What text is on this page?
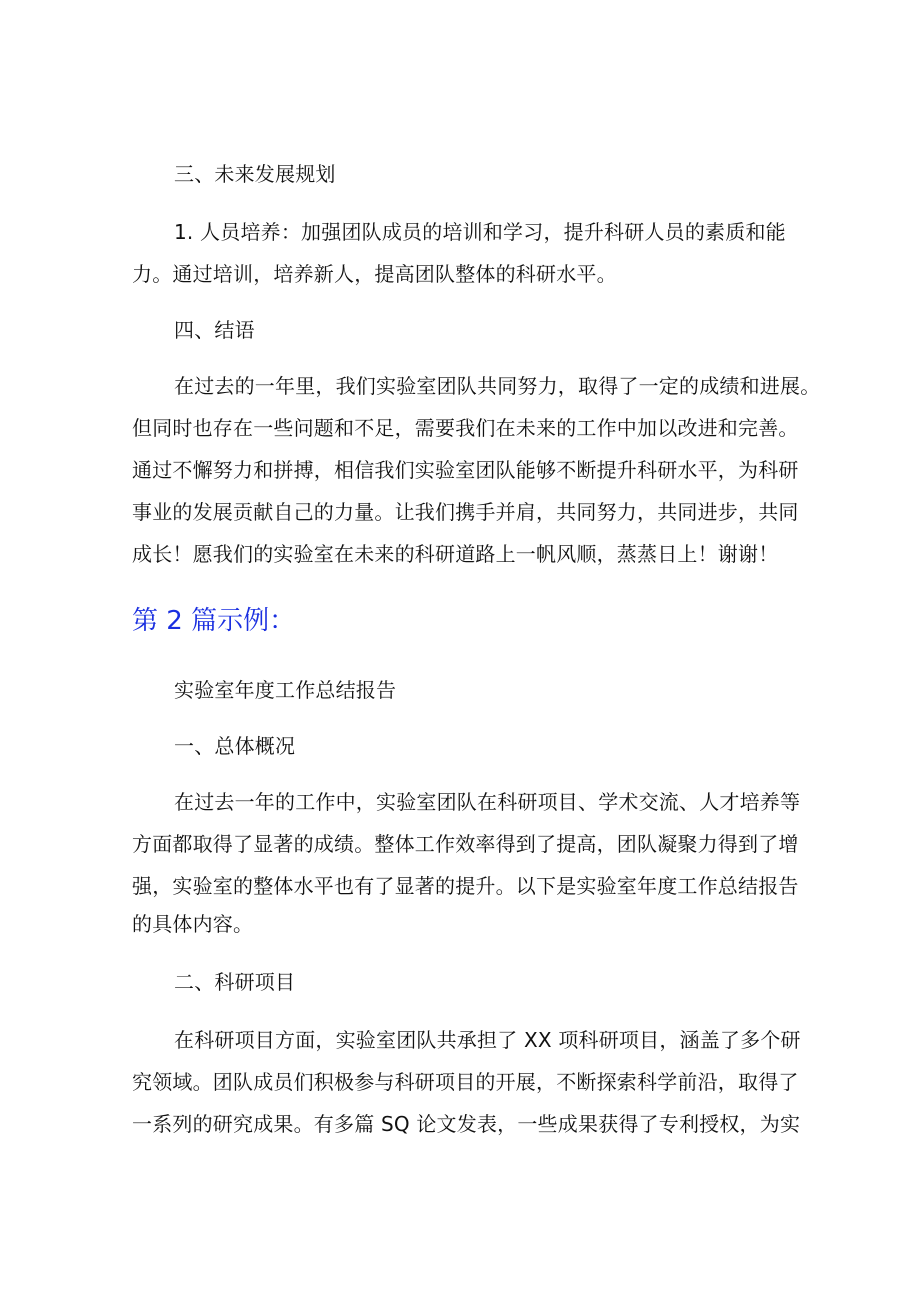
三、未来发展规划
1. 人员培养：加强团队成员的培训和学习，提升科研人员的素质和能
力。通过培训，培养新人，提高团队整体的科研水平。
四、结语
在过去的一年里，我们实验室团队共同努力，取得了一定的成绩和进展。
但同时也存在一些问题和不足，需要我们在未来的工作中加以改进和完善。
通过不懈努力和拼搏，相信我们实验室团队能够不断提升科研水平，为科研
事业的发展贡献自己的力量。让我们携手并肩，共同努力，共同进步，共同
成长！愿我们的实验室在未来的科研道路上一帆风顺，蒸蒸日上！谢谢！
第 2 篇示例：
实验室年度工作总结报告
一、总体概况
在过去一年的工作中，实验室团队在科研项目、学术交流、人才培养等
方面都取得了显著的成绩。整体工作效率得到了提高，团队凝聚力得到了增
强，实验室的整体水平也有了显著的提升。以下是实验室年度工作总结报告
的具体内容。
二、科研项目
在科研项目方面，实验室团队共承担了 XX 项科研项目，涵盖了多个研
究领域。团队成员们积极参与科研项目的开展，不断探索科学前沿，取得了
一系列的研究成果。有多篇 SQ 论文发表，一些成果获得了专利授权，为实
